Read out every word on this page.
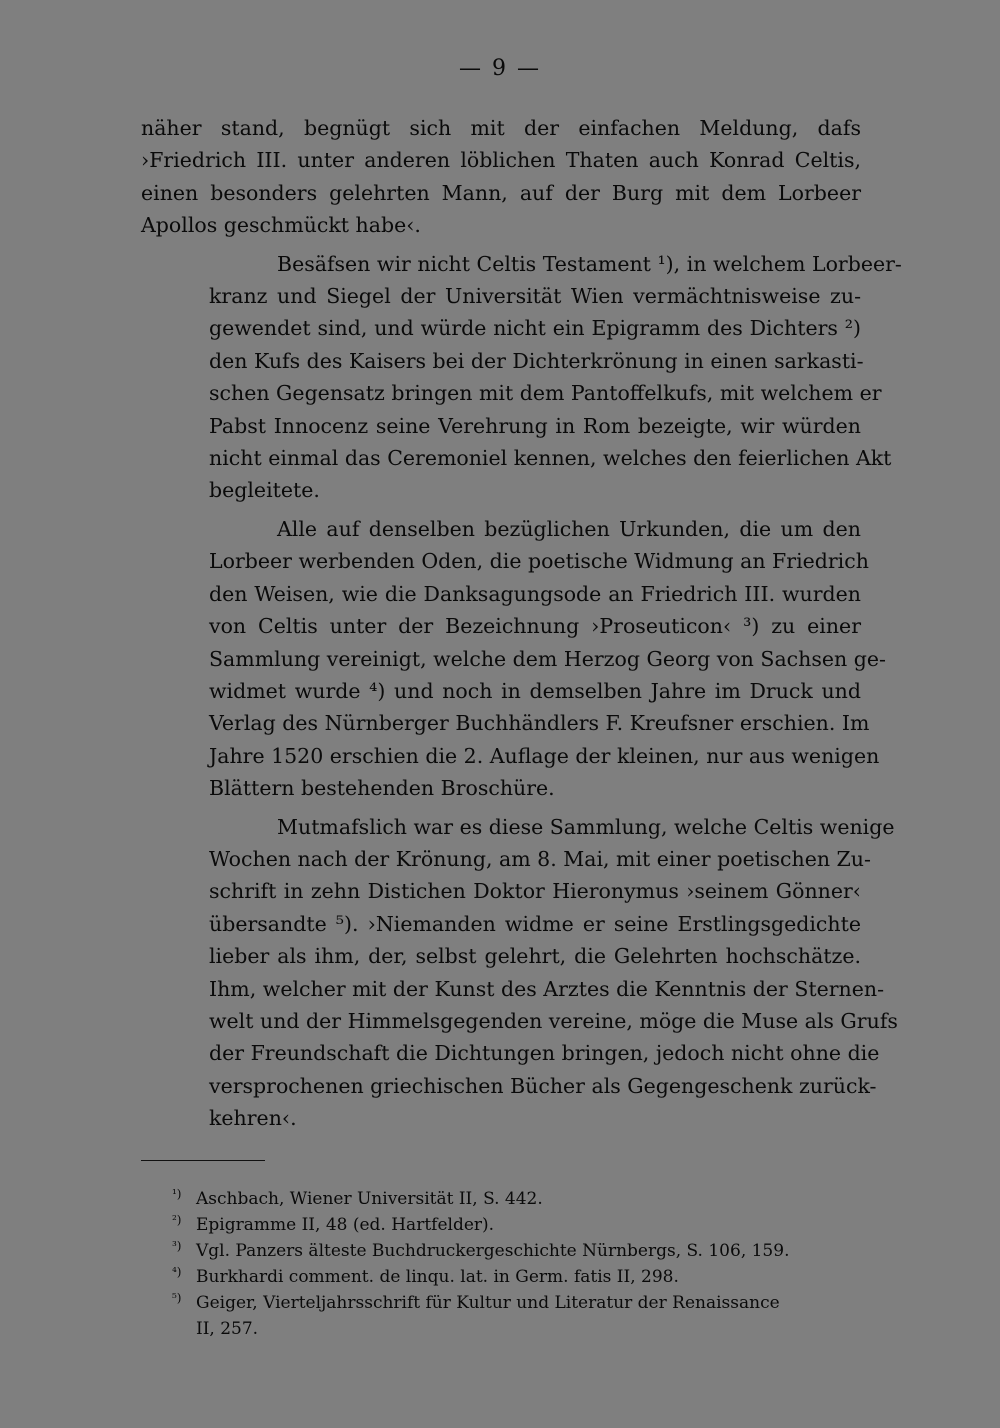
— 9 —

näher stand, begnügt sich mit der einfachen Meldung, dafs
›Friedrich III. unter anderen löblichen Thaten auch Konrad Celtis,
einen besonders gelehrten Mann, auf der Burg mit dem Lorbeer
Apollos geschmückt habe‹.

Besäfsen wir nicht Celtis Testament ¹), in welchem Lorbeer-
kranz und Siegel der Universität Wien vermächtnisweise zu-
gewendet sind, und würde nicht ein Epigramm des Dichters ²)
den Kufs des Kaisers bei der Dichterkrönung in einen sarkasti-
schen Gegensatz bringen mit dem Pantoffelkufs, mit welchem er
Pabst Innocenz seine Verehrung in Rom bezeigte, wir würden
nicht einmal das Ceremoniel kennen, welches den feierlichen Akt
begleitete.

Alle auf denselben bezüglichen Urkunden, die um den
Lorbeer werbenden Oden, die poetische Widmung an Friedrich
den Weisen, wie die Danksagungsode an Friedrich III. wurden
von Celtis unter der Bezeichnung ›Proseuticon‹ ³) zu einer
Sammlung vereinigt, welche dem Herzog Georg von Sachsen ge-
widmet wurde ⁴) und noch in demselben Jahre im Druck und
Verlag des Nürnberger Buchhändlers F. Kreufsner erschien. Im
Jahre 1520 erschien die 2. Auflage der kleinen, nur aus wenigen
Blättern bestehenden Broschüre.

Mutmafslich war es diese Sammlung, welche Celtis wenige
Wochen nach der Krönung, am 8. Mai, mit einer poetischen Zu-
schrift in zehn Distichen Doktor Hieronymus ›seinem Gönner‹
übersandte ⁵). ›Niemanden widme er seine Erstlingsgedichte
lieber als ihm, der, selbst gelehrt, die Gelehrten hochschätze.
Ihm, welcher mit der Kunst des Arztes die Kenntnis der Sternen-
welt und der Himmelsgegenden vereine, möge die Muse als Grufs
der Freundschaft die Dichtungen bringen, jedoch nicht ohne die
versprochenen griechischen Bücher als Gegengeschenk zurück-
kehren‹.

¹) Aschbach, Wiener Universität II, S. 442.
²) Epigramme II, 48 (ed. Hartfelder).
³) Vgl. Panzers älteste Buchdruckergeschichte Nürnbergs, S. 106, 159.
⁴) Burkhardi comment. de linqu. lat. in Germ. fatis II, 298.
⁵) Geiger, Vierteljahrsschrift für Kultur und Literatur der Renaissance
II, 257.
